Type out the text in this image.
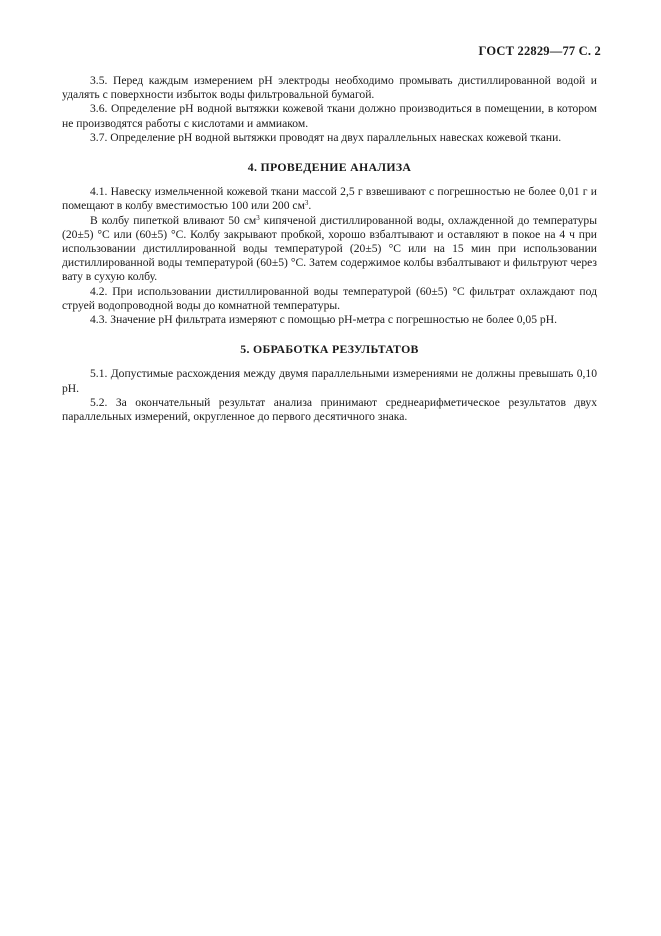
ГОСТ 22829—77 С. 2

3.5. Перед каждым измерением рН электроды необходимо промывать дистиллированной водой и удалять с поверхности избыток воды фильтровальной бумагой.

3.6. Определение рН водной вытяжки кожевой ткани должно производиться в помещении, в котором не производятся работы с кислотами и аммиаком.

3.7. Определение рН водной вытяжки проводят на двух параллельных навесках кожевой ткани.

4. ПРОВЕДЕНИЕ АНАЛИЗА

4.1. Навеску измельченной кожевой ткани массой 2,5 г взвешивают с погрешностью не более 0,01 г и помещают в колбу вместимостью 100 или 200 $см^3$.

В колбу пипеткой вливают 50 $см^3$ кипяченой дистиллированной воды, охлажденной до температуры (20±5) °С или (60±5) °С. Колбу закрывают пробкой, хорошо взбалтывают и оставляют в покое на 4 ч при использовании дистиллированной воды температурой (20±5) °С или на 15 мин при использовании дистиллированной воды температурой (60±5) °С. Затем содержимое колбы взбалтывают и фильтруют через вату в сухую колбу.

4.2. При использовании дистиллированной воды температурой (60±5) °С фильтрат охлаждают под струей водопроводной воды до комнатной температуры.

4.3. Значение рН фильтрата измеряют с помощью рН-метра с погрешностью не более 0,05 рН.

5. ОБРАБОТКА РЕЗУЛЬТАТОВ

5.1. Допустимые расхождения между двумя параллельными измерениями не должны превышать 0,10 рН.

5.2. За окончательный результат анализа принимают среднеарифметическое результатов двух параллельных измерений, округленное до первого десятичного знака.
